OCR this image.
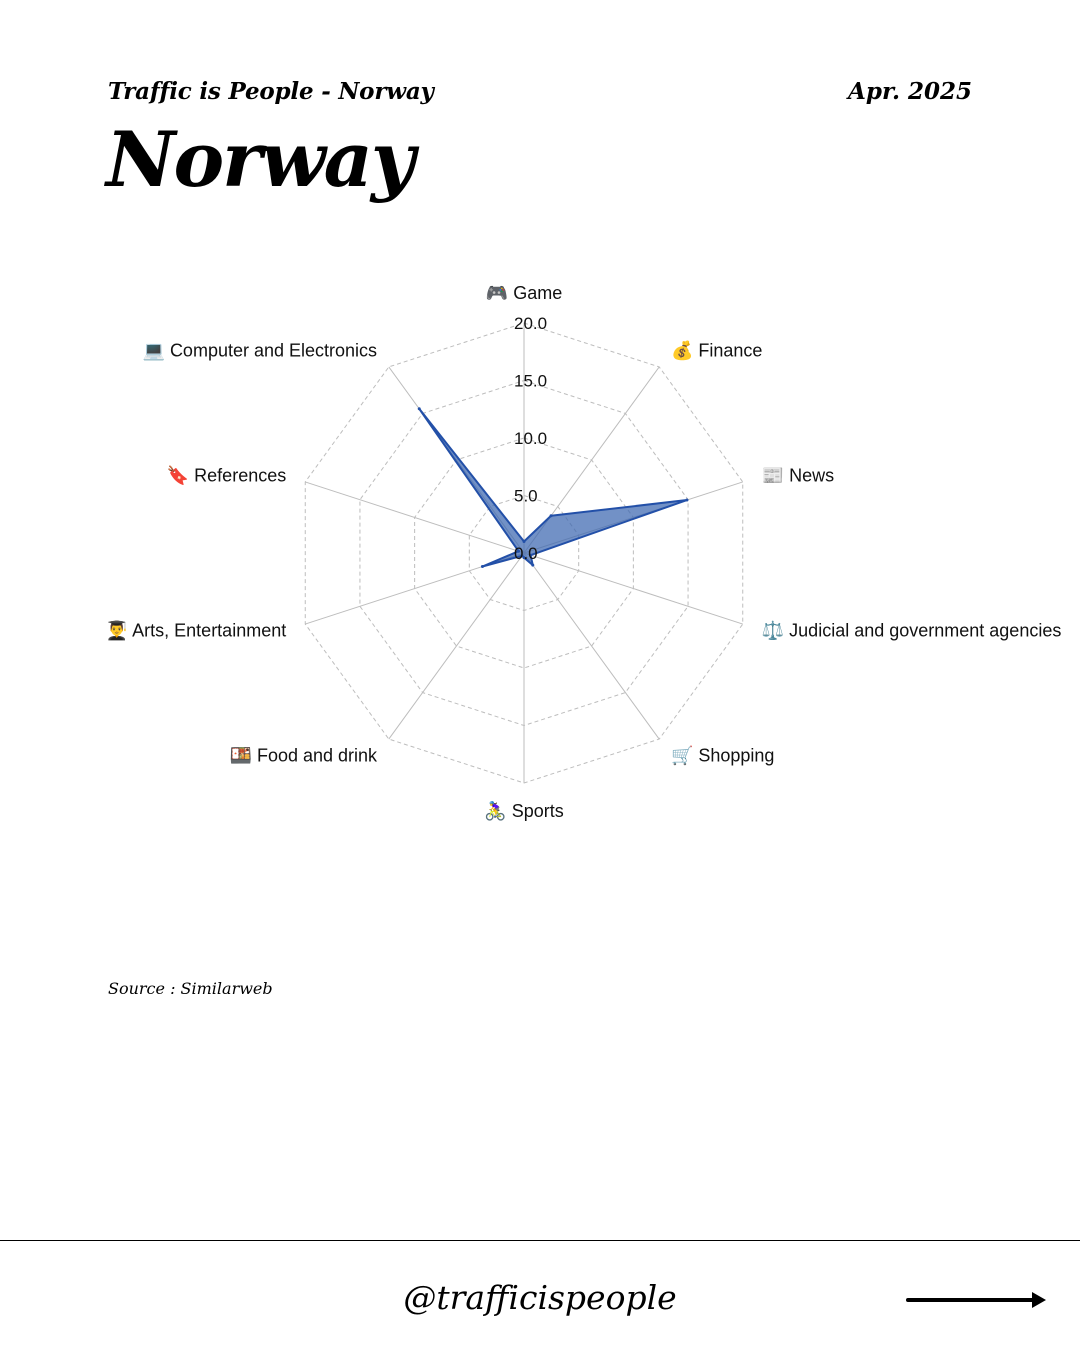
Traffic is People - Norway	Apr. 2025
Norway
0.0
5.0
10.0
15.0
20.0
🎮 Game
💰 Finance
📰 News
⚖️ Judicial and government agencies
🛒 Shopping
🚴‍♀️ Sports
🍱 Food and drink
👨‍🎓 Arts, Entertainment
🔖 References
💻 Computer and Electronics
Source : Similarweb
@trafficispeople
